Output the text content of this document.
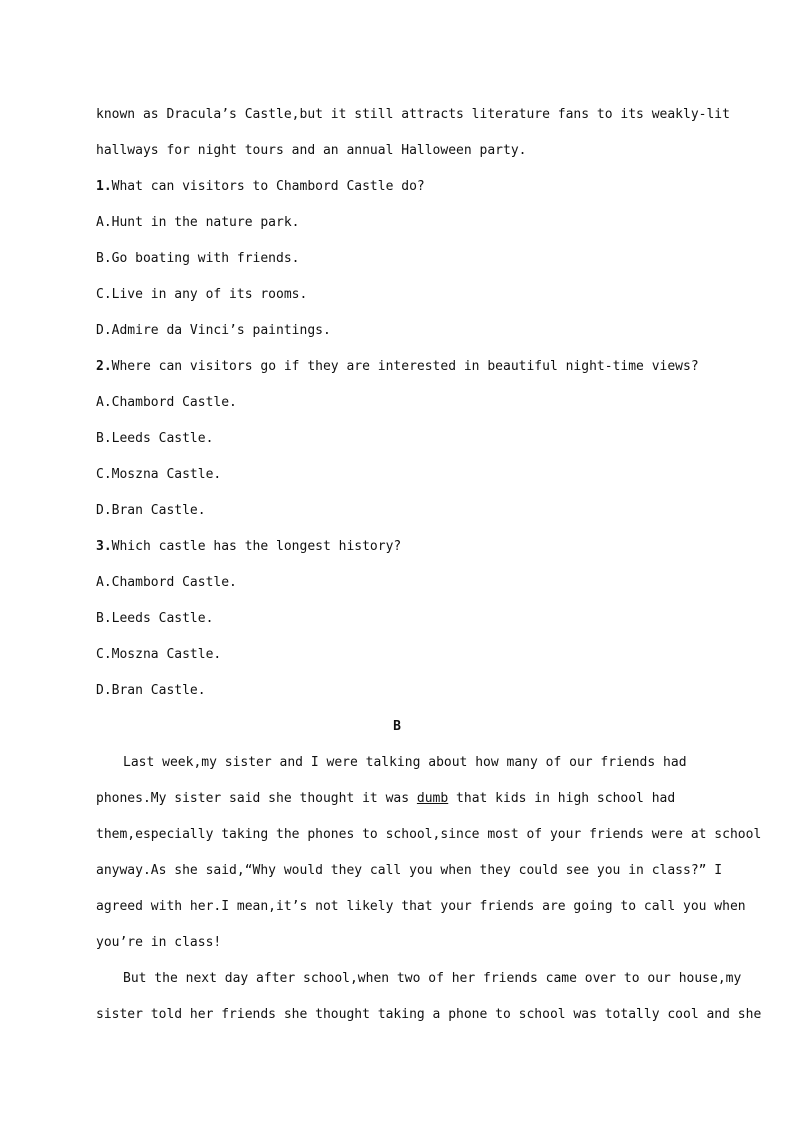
known as Dracula’s Castle,but it still attracts literature fans to its weakly-lit
hallways for night tours and an annual Halloween party.
1.What can visitors to Chambord Castle do?
A.Hunt in the nature park.
B.Go boating with friends.
C.Live in any of its rooms.
D.Admire da Vinci’s paintings.
2.Where can visitors go if they are interested in beautiful night-time views?
A.Chambord Castle.
B.Leeds Castle.
C.Moszna Castle.
D.Bran Castle.
3.Which castle has the longest history?
A.Chambord Castle.
B.Leeds Castle.
C.Moszna Castle.
D.Bran Castle.
B
Last week,my sister and I were talking about how many of our friends had
phones.My sister said she thought it was dumb that kids in high school had
them,especially taking the phones to school,since most of your friends were at school
anyway.As she said,“Why would they call you when they could see you in class?” I
agreed with her.I mean,it’s not likely that your friends are going to call you when
you’re in class!
But the next day after school,when two of her friends came over to our house,my
sister told her friends she thought taking a phone to school was totally cool and she
